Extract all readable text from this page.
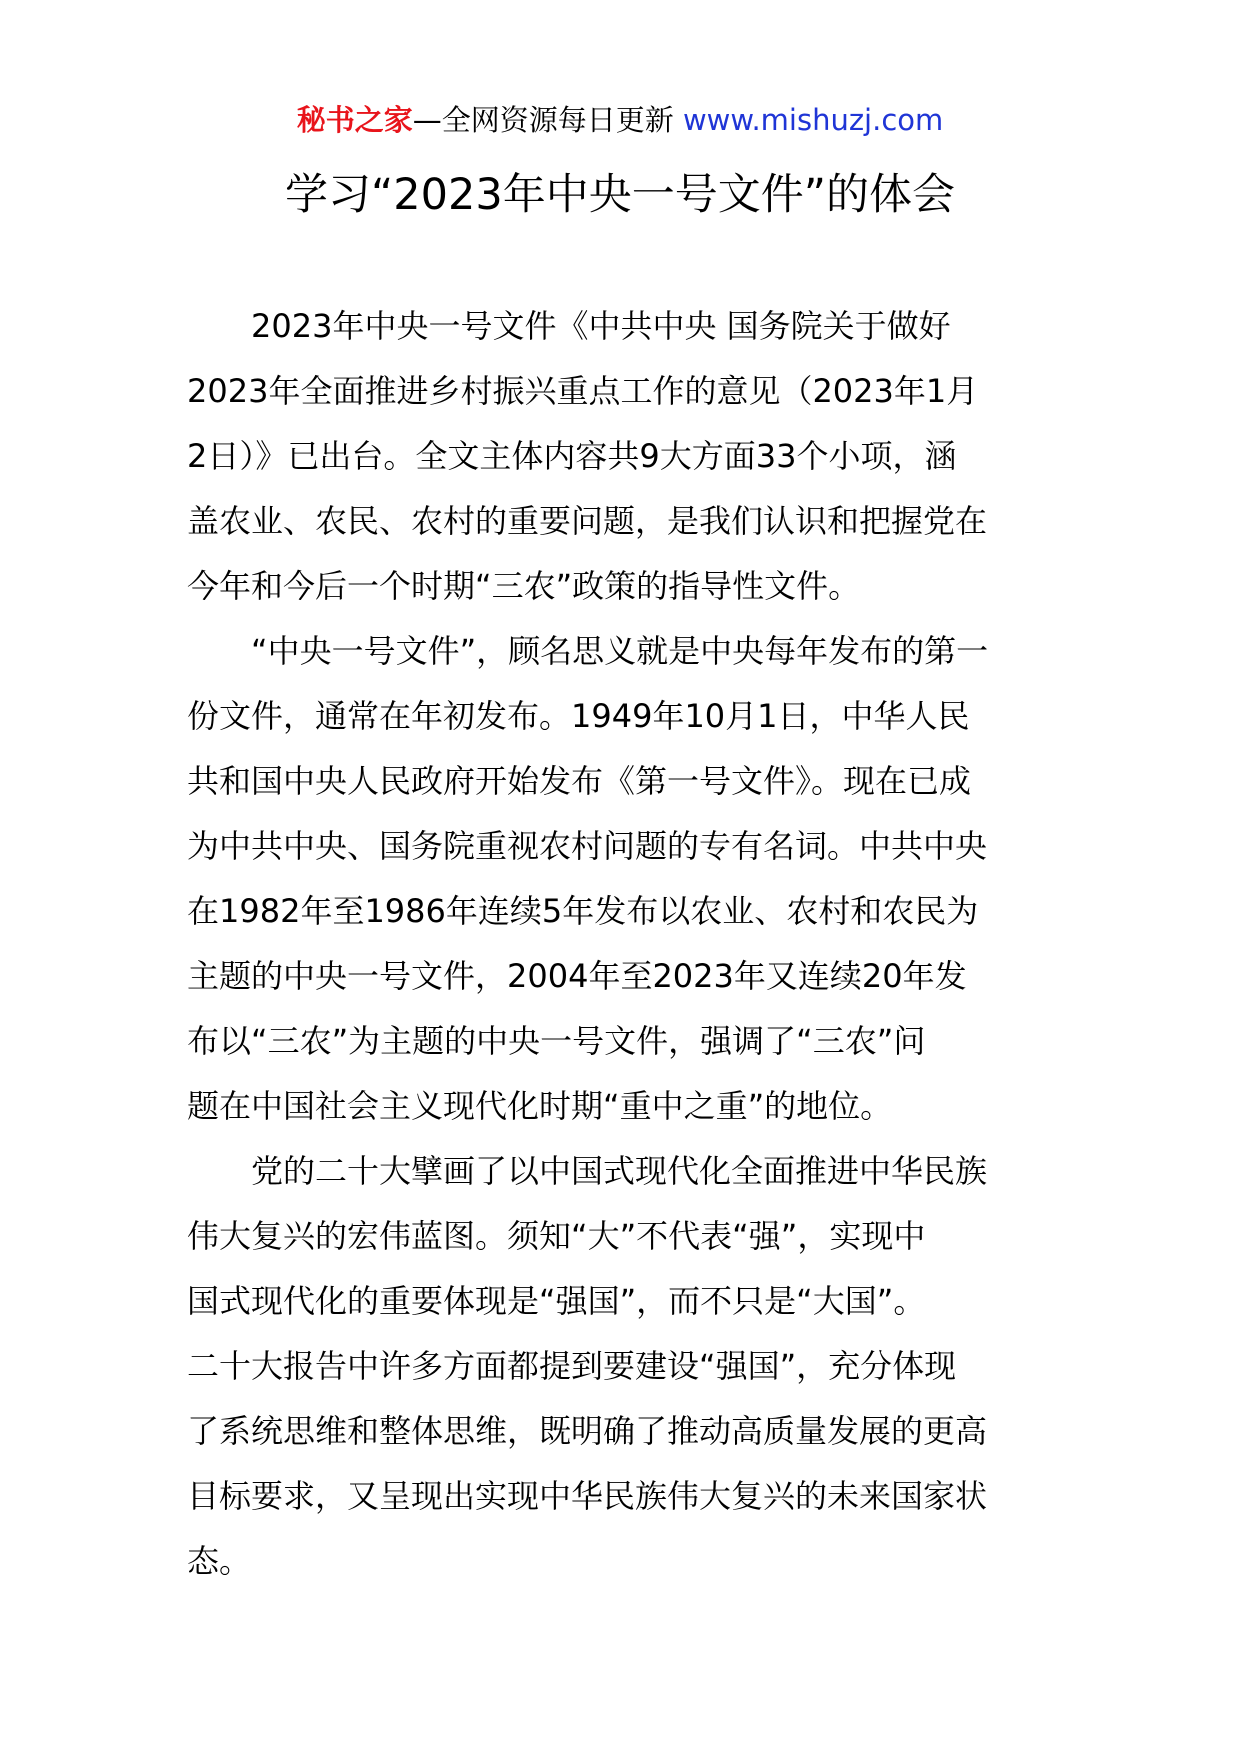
秘书之家—全网资源每日更新 www.mishuzj.com
学习“2023年中央一号文件”的体会

2023年中央一号文件《中共中央 国务院关于做好
2023年全面推进乡村振兴重点工作的意见（2023年1月
2日）》已出台。全文主体内容共9大方面33个小项，涵
盖农业、农民、农村的重要问题，是我们认识和把握党在
今年和今后一个时期“三农”政策的指导性文件。

“中央一号文件”，顾名思义就是中央每年发布的第一
份文件，通常在年初发布。1949年10月1日，中华人民
共和国中央人民政府开始发布《第一号文件》。现在已成
为中共中央、国务院重视农村问题的专有名词。中共中央
在1982年至1986年连续5年发布以农业、农村和农民为
主题的中央一号文件，2004年至2023年又连续20年发
布以“三农”为主题的中央一号文件，强调了“三农”问
题在中国社会主义现代化时期“重中之重”的地位。

党的二十大擘画了以中国式现代化全面推进中华民族
伟大复兴的宏伟蓝图。须知“大”不代表“强”，实现中
国式现代化的重要体现是“强国”，而不只是“大国”。
二十大报告中许多方面都提到要建设“强国”，充分体现
了系统思维和整体思维，既明确了推动高质量发展的更高
目标要求，又呈现出实现中华民族伟大复兴的未来国家状
态。
